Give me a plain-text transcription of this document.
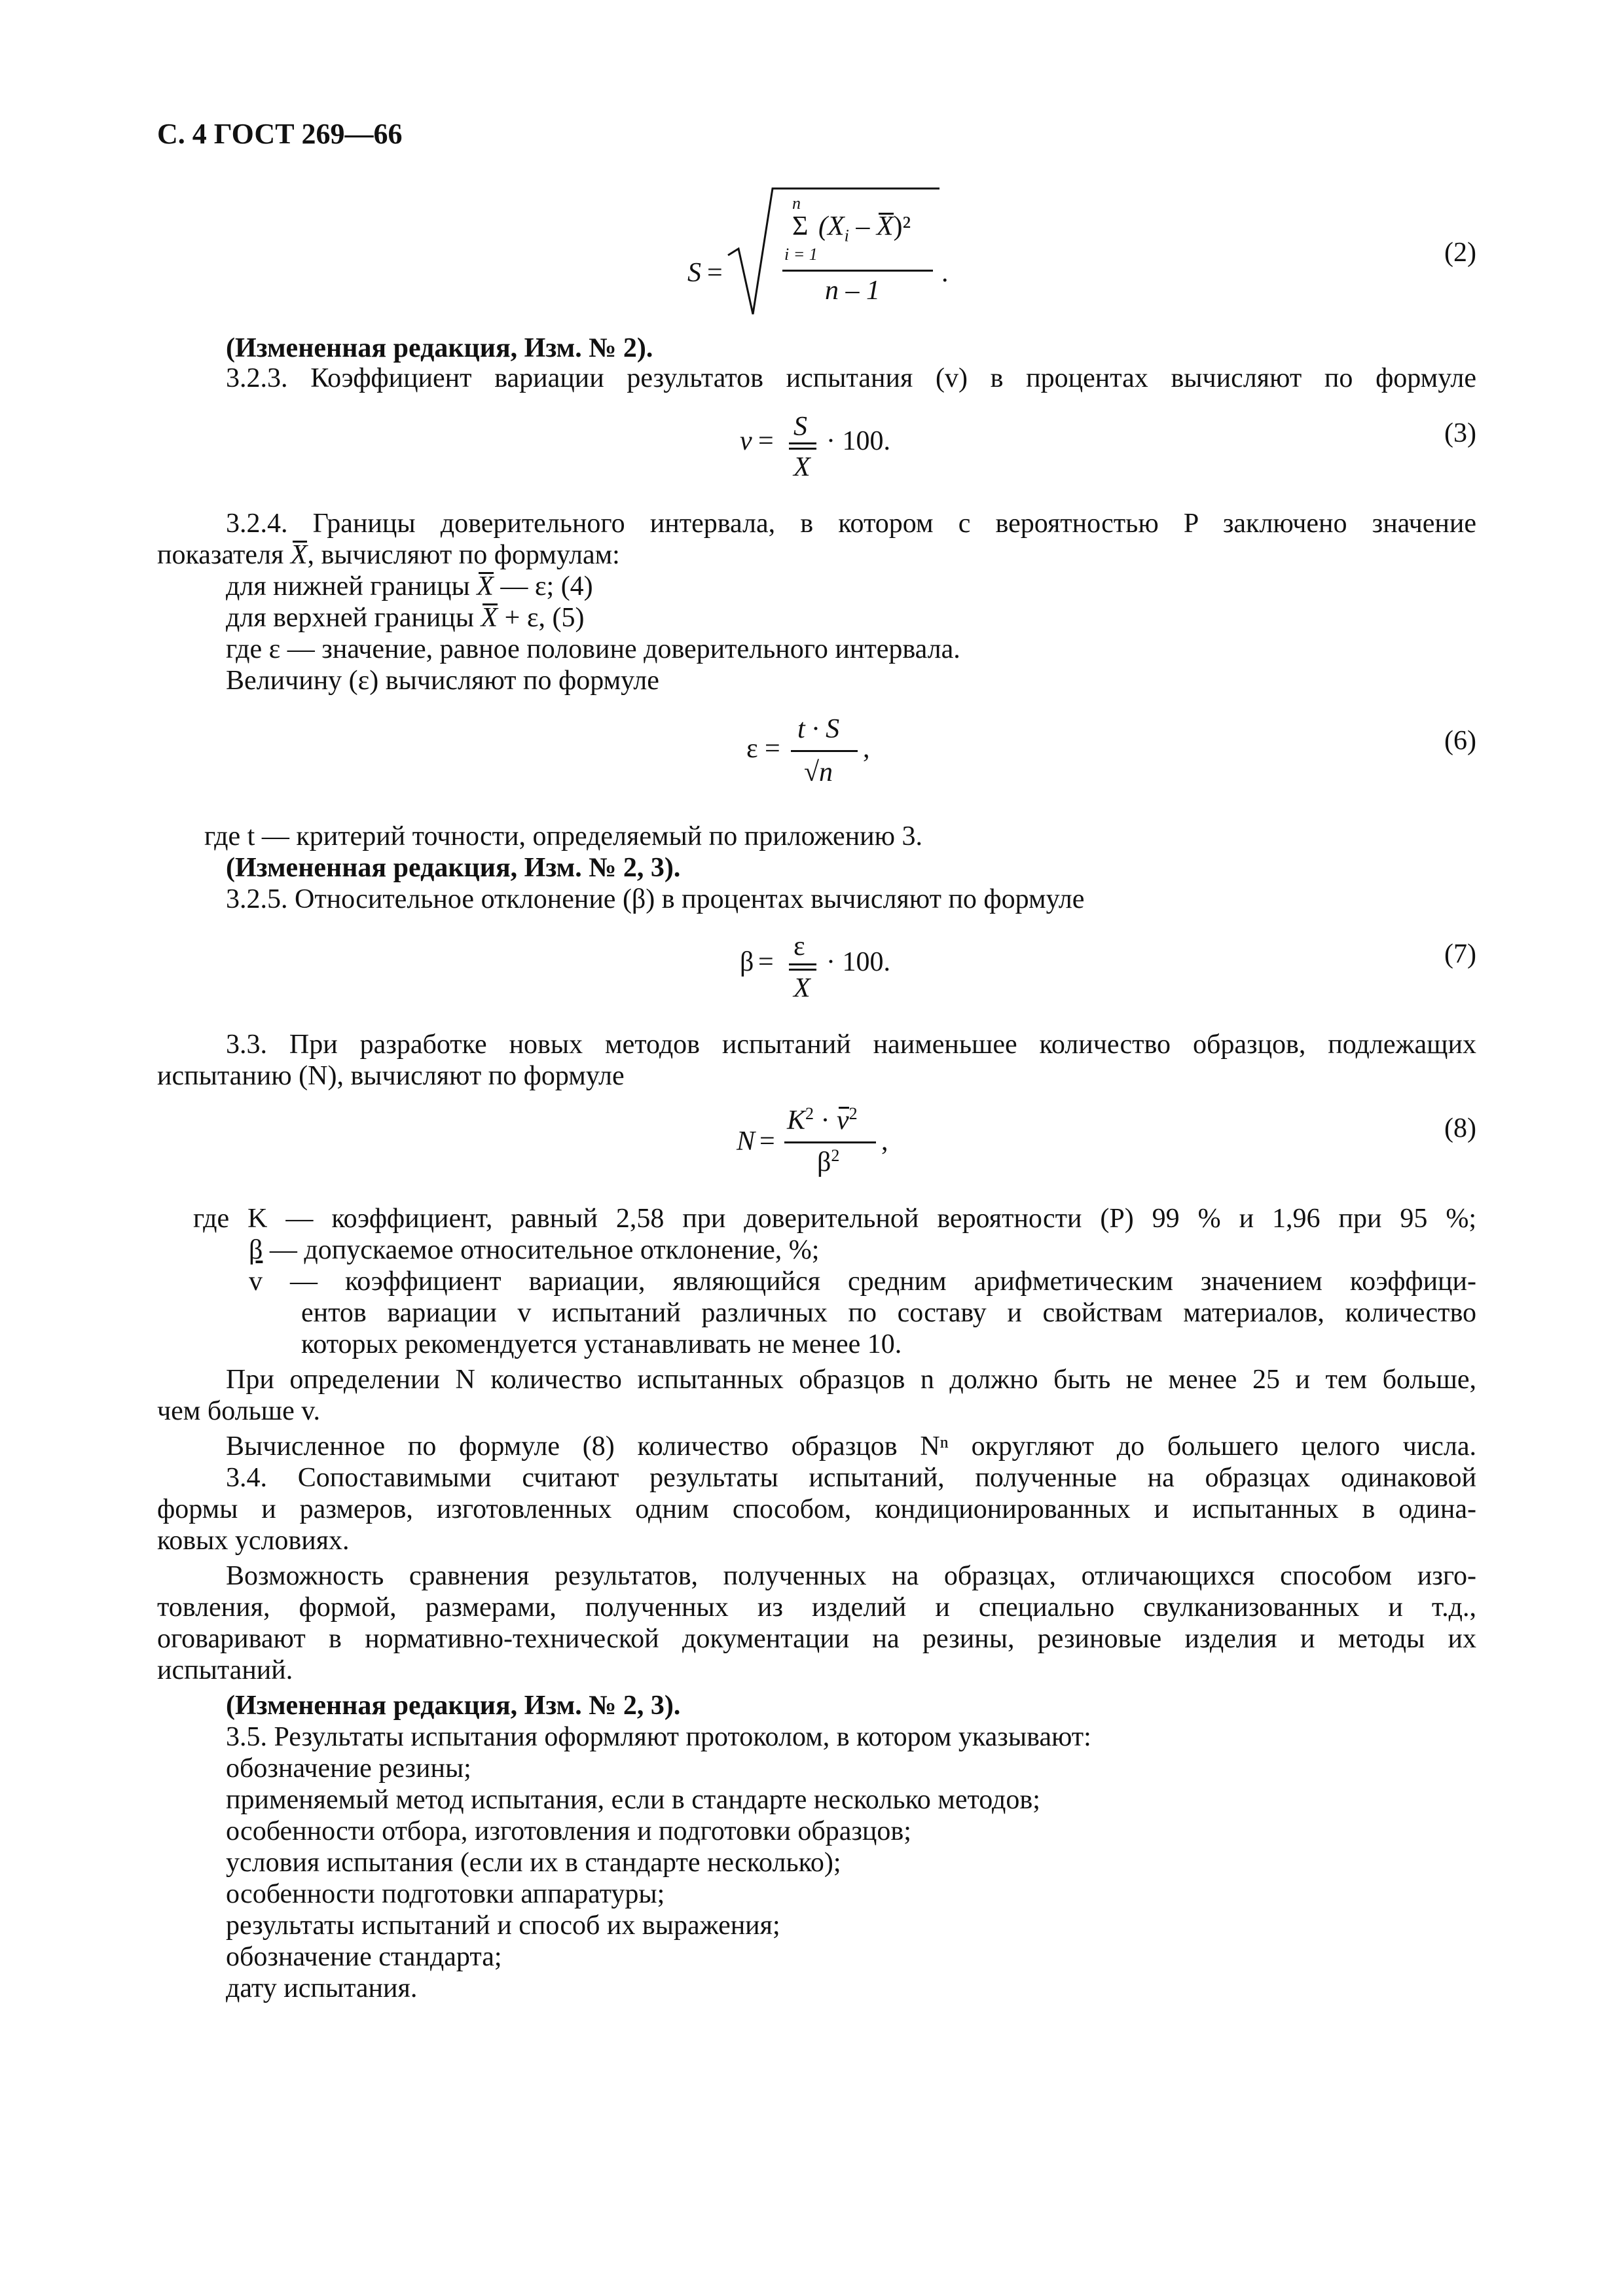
С. 4 ГОСТ 269—66
S =
n
Σ $(X_i - X)^2$
i = 1
n – 1
.
(2)
(Измененная редакция, Изм. № 2).
3.2.3. Коэффициент вариации результатов испытания (v) в процентах вычисляют по формуле
v = S
X
· 100.	(3)
3.2.4. Границы доверительного интервала, в котором с вероятностью P заключено значение
показателя X, вычисляют по формулам:
для нижней границы X — ε; (4)
для верхней границы X + ε, (5)
где ε — значение, равное половине доверительного интервала.
Величину (ε) вычисляют по формуле
ε =
t · S
√n
,	(6)
где t — критерий точности, определяемый по приложению 3.
(Измененная редакция, Изм. № 2, 3).
3.2.5. Относительное отклонение (β) в процентах вычисляют по формуле
β =
ε
X
· 100.	(7)
3.3. При разработке новых методов испытаний наименьшее количество образцов, подлежащих
испытанию (N), вычисляют по формуле
N =
$K^2 \cdot v^2$
$\beta^2$ ,	(8)
где K — коэффициент, равный 2,58 при доверительной вероятности (P) 99 % и 1,96 при 95 %;
β — допускаемое относительное отклонение, %;
v — коэффициент вариации, являющийся средним арифметическим значением коэффици-
ентов вариации v испытаний различных по составу и свойствам материалов, количество
которых рекомендуется устанавливать не менее 10.
При определении N количество испытанных образцов n должно быть не менее 25 и тем больше,
чем больше v.
Вычисленное по формуле (8) количество образцов Nⁿ округляют до большего целого числа.
3.4. Сопоставимыми считают результаты испытаний, полученные на образцах одинаковой
формы и размеров, изготовленных одним способом, кондиционированных и испытанных в одина-
ковых условиях.
Возможность сравнения результатов, полученных на образцах, отличающихся способом изго-
товления, формой, размерами, полученных из изделий и специально свулканизованных и т.д.,
оговаривают в нормативно-технической документации на резины, резиновые изделия и методы их
испытаний.
(Измененная редакция, Изм. № 2, 3).
3.5. Результаты испытания оформляют протоколом, в котором указывают:
обозначение резины;
применяемый метод испытания, если в стандарте несколько методов;
особенности отбора, изготовления и подготовки образцов;
условия испытания (если их в стандарте несколько);
особенности подготовки аппаратуры;
результаты испытаний и способ их выражения;
обозначение стандарта;
дату испытания.
